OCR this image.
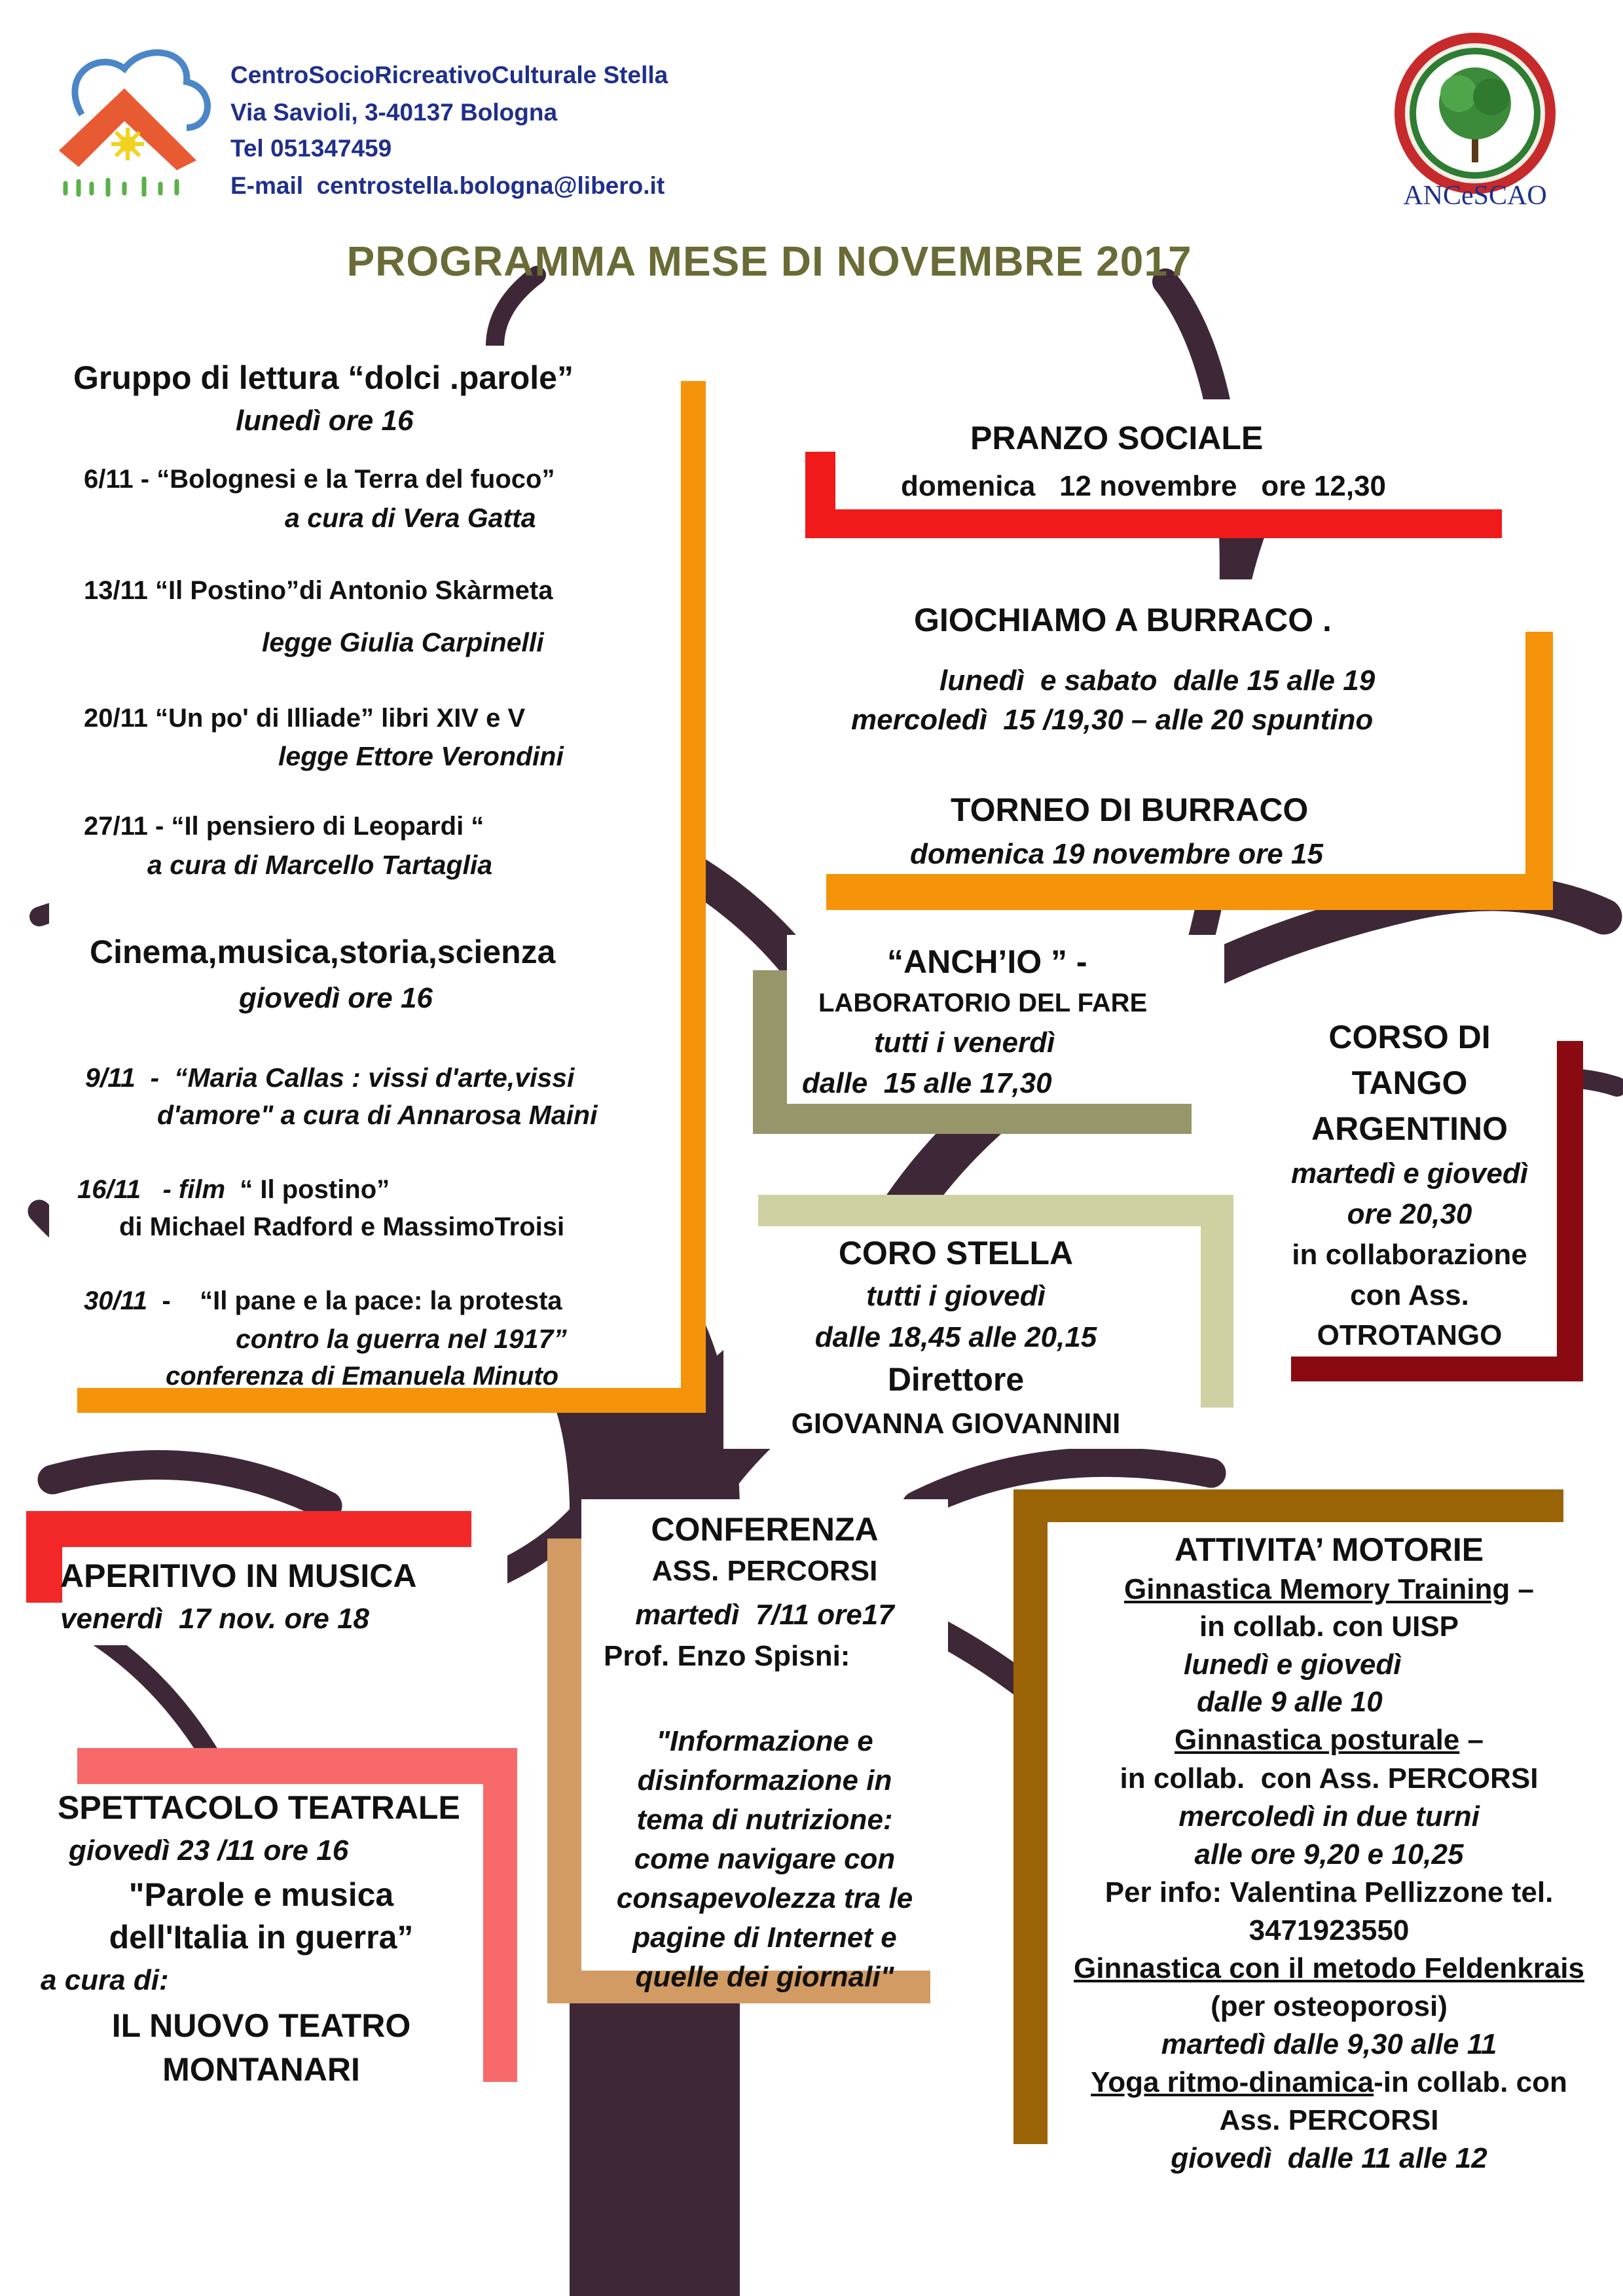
CentroSocioRicreativoCulturale Stella
Via Savioli, 3-40137 Bologna
Tel 051347459
E-mail centrostella.bologna@libero.it	ANCeSCAO
PROGRAMMA MESE DI NOVEMBRE 2017
Gruppo di lettura “dolci .parole”
lunedì ore 16
6/11 - “Bolognesi e la Terra del fuoco”
a cura di Vera Gatta
13/11 “Il Postino”di Antonio Skàrmeta
legge Giulia Carpinelli
20/11 “Un po' di Illiade” libri XIV e V
legge Ettore Verondini
27/11 - “Il pensiero di Leopardi “
a cura di Marcello Tartaglia
Cinema,musica,storia,scienza
giovedì ore 16
9/11  -  “Maria Callas : vissi d'arte,vissi
d'amore" a cura di Annarosa Maini
16/11   - film  “ Il postino”
di Michael Radford e MassimoTroisi
30/11  -    “Il pane e la pace: la protesta
contro la guerra nel 1917”
conferenza di Emanuela Minuto
PRANZO SOCIALE
domenica   12 novembre   ore 12,30
GIOCHIAMO A BURRACO .
lunedì  e sabato  dalle 15 alle 19
mercoledì  15 /19,30 – alle 20 spuntino
TORNEO DI BURRACO
domenica 19 novembre ore 15
“ANCH’IO ” -
LABORATORIO DEL FARE
tutti i venerdì
dalle  15 alle 17,30
CORSO DI
TANGO
ARGENTINO
martedì e giovedì
ore 20,30
in collaborazione
con Ass.
OTROTANGO
CORO STELLA
tutti i giovedì
dalle 18,45 alle 20,15
Direttore
GIOVANNA GIOVANNINI
APERITIVO IN MUSICA
venerdì  17 nov. ore 18
CONFERENZA
ASS. PERCORSI
martedì  7/11 ore17
Prof. Enzo Spisni:
"Informazione e
disinformazione in
tema di nutrizione:
come navigare con
consapevolezza tra le
pagine di Internet e
quelle dei giornali"
SPETTACOLO TEATRALE
giovedì 23 /11 ore 16
"Parole e musica
dell'Italia in guerra”
a cura di:
IL NUOVO TEATRO
MONTANARI
ATTIVITA’ MOTORIE
Ginnastica Memory Training –
in collab. con UISP
lunedì e giovedì
dalle 9 alle 10
Ginnastica posturale –
in collab.  con Ass. PERCORSI
mercoledì in due turni
alle ore 9,20 e 10,25
Per info: Valentina Pellizzone tel.
3471923550
Ginnastica con il metodo Feldenkrais
(per osteoporosi)
martedì dalle 9,30 alle 11
Yoga ritmo-dinamica-in collab. con
Ass. PERCORSI
giovedì  dalle 11 alle 12
